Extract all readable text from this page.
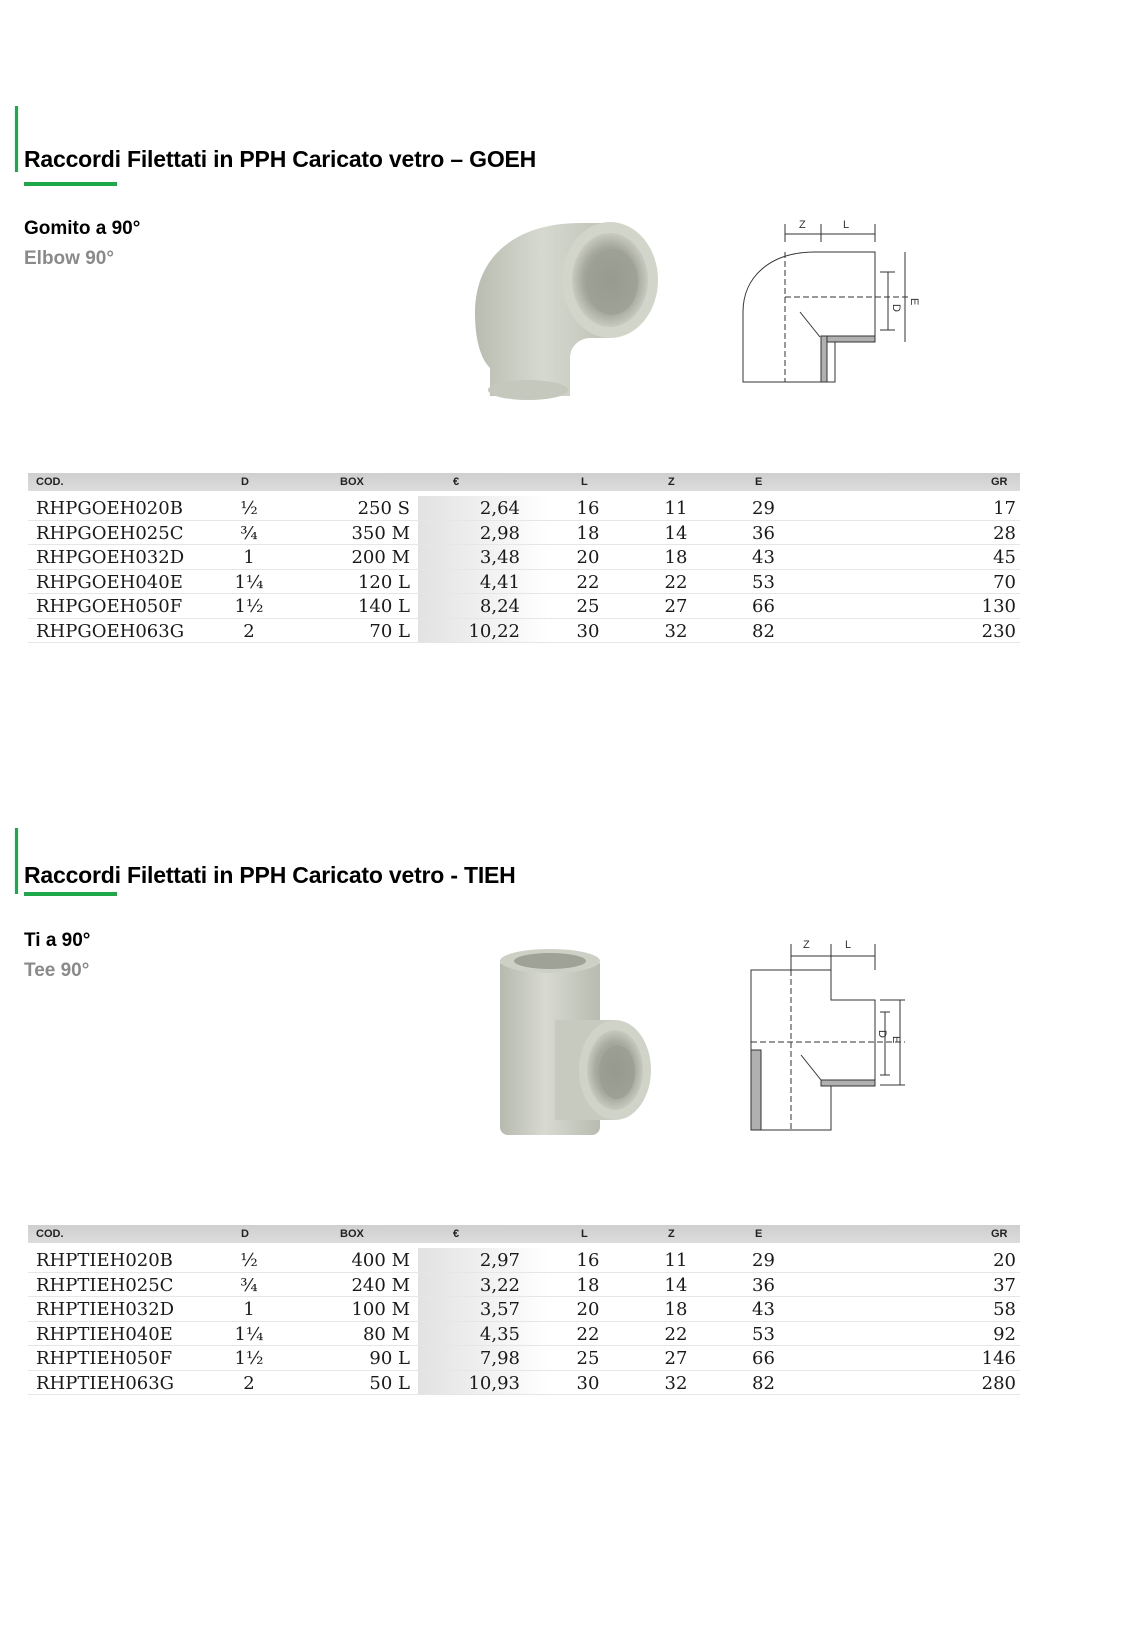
Raccordi Filettati in PPH Caricato vetro – GOEH
Gomito a 90°
Elbow 90°
Z	L
D
E
COD.	D	BOX	€	L	Z	E	GR
RHPGOEH020B	½	250 S	2,64	16	11	29	17
RHPGOEH025C	¾	350 M	2,98	18	14	36	28
RHPGOEH032D	1	200 M	3,48	20	18	43	45
RHPGOEH040E	1¼	120 L	4,41	22	22	53	70
RHPGOEH050F	1½	140 L	8,24	25	27	66	130
RHPGOEH063G	2	70 L	10,22	30	32	82	230
Raccordi Filettati in PPH Caricato vetro - TIEH
Ti a 90°
Tee 90°
Z	L
D
E
COD.	D	BOX	€	L	Z	E	GR
RHPTIEH020B	½	400 M	2,97	16	11	29	20
RHPTIEH025C	¾	240 M	3,22	18	14	36	37
RHPTIEH032D	1	100 M	3,57	20	18	43	58
RHPTIEH040E	1¼	80 M	4,35	22	22	53	92
RHPTIEH050F	1½	90 L	7,98	25	27	66	146
RHPTIEH063G	2	50 L	10,93	30	32	82	280
